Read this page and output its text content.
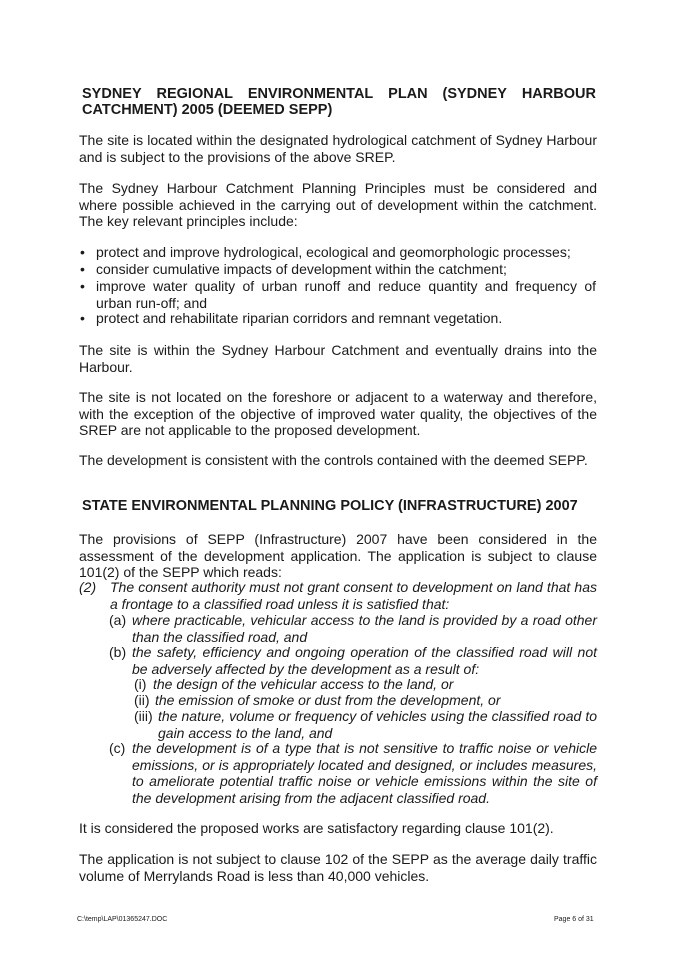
SYDNEY REGIONAL ENVIRONMENTAL PLAN (SYDNEY HARBOUR
CATCHMENT) 2005 (DEEMED SEPP)

The site is located within the designated hydrological catchment of Sydney Harbour and is subject to the provisions of the above SREP.

The Sydney Harbour Catchment Planning Principles must be considered and where possible achieved in the carrying out of development within the catchment. The key relevant principles include:

• protect and improve hydrological, ecological and geomorphologic processes;
• consider cumulative impacts of development within the catchment;
• improve water quality of urban runoff and reduce quantity and frequency of urban run-off; and
• protect and rehabilitate riparian corridors and remnant vegetation.

The site is within the Sydney Harbour Catchment and eventually drains into the Harbour.

The site is not located on the foreshore or adjacent to a waterway and therefore, with the exception of the objective of improved water quality, the objectives of the SREP are not applicable to the proposed development.

The development is consistent with the controls contained with the deemed SEPP.

STATE ENVIRONMENTAL PLANNING POLICY (INFRASTRUCTURE) 2007

The provisions of SEPP (Infrastructure) 2007 have been considered in the assessment of the development application. The application is subject to clause 101(2) of the SEPP which reads:

(2) The consent authority must not grant consent to development on land that has a frontage to a classified road unless it is satisfied that:
(a) where practicable, vehicular access to the land is provided by a road other than the classified road, and
(b) the safety, efficiency and ongoing operation of the classified road will not be adversely affected by the development as a result of:
(i) the design of the vehicular access to the land, or
(ii) the emission of smoke or dust from the development, or
(iii) the nature, volume or frequency of vehicles using the classified road to gain access to the land, and
(c) the development is of a type that is not sensitive to traffic noise or vehicle emissions, or is appropriately located and designed, or includes measures, to ameliorate potential traffic noise or vehicle emissions within the site of the development arising from the adjacent classified road.

It is considered the proposed works are satisfactory regarding clause 101(2).

The application is not subject to clause 102 of the SEPP as the average daily traffic volume of Merrylands Road is less than 40,000 vehicles.

C:\temp\LAP\01365247.DOC	Page 6 of 31
